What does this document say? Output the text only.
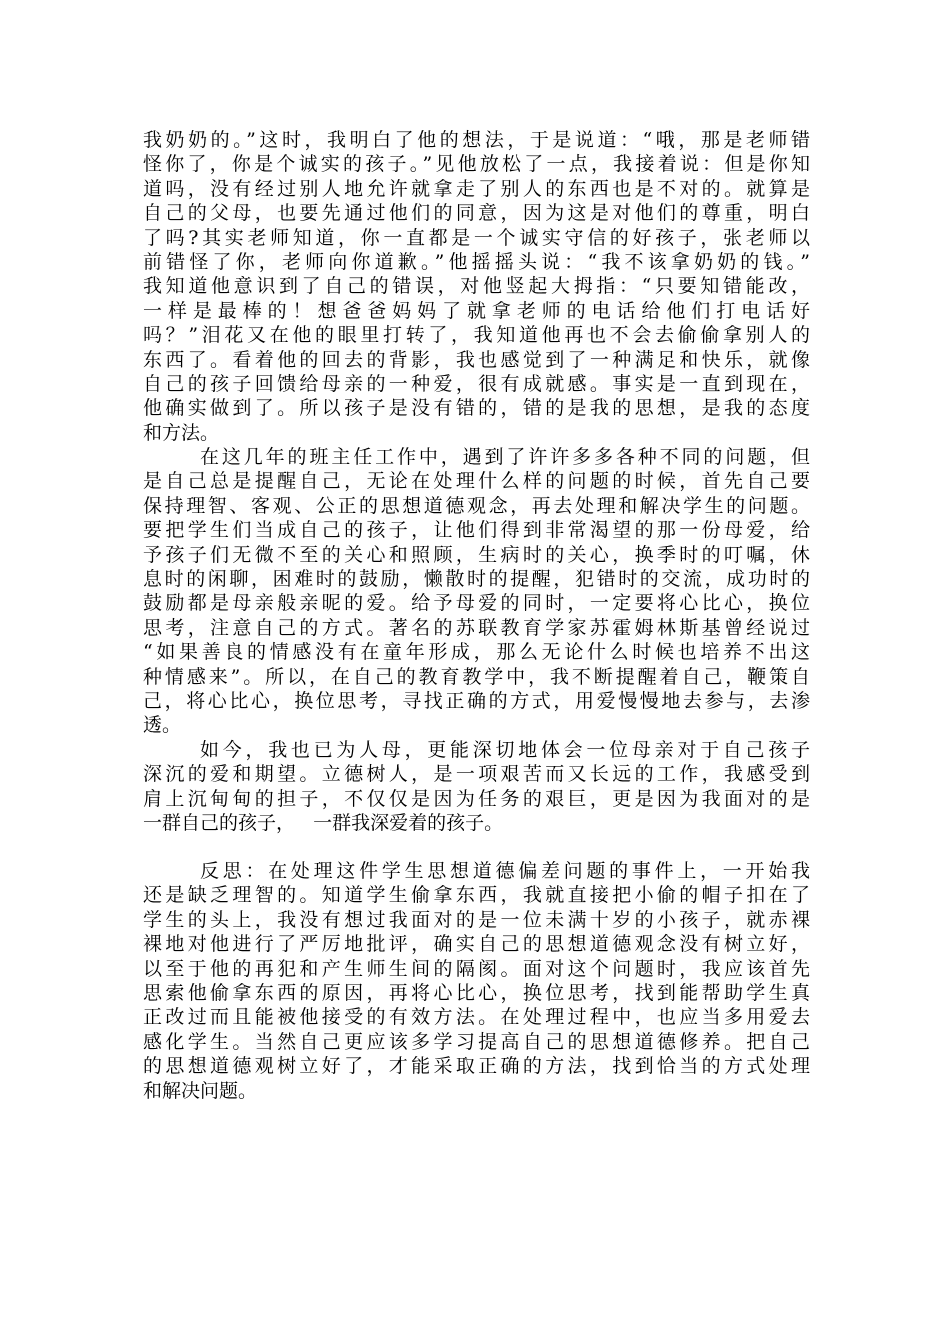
我奶奶的。”这时，我明白了他的想法，于是说道：“哦，那是老师错
怪你了，你是个诚实的孩子。”见他放松了一点，我接着说：但是你知
道吗，没有经过别人地允许就拿走了别人的东西也是不对的。就算是
自己的父母，也要先通过他们的同意，因为这是对他们的尊重，明白
了吗?其实老师知道，你一直都是一个诚实守信的好孩子，张老师以
前错怪了你，老师向你道歉。”他摇摇头说：“我不该拿奶奶的钱。”
我知道他意识到了自己的错误，对他竖起大拇指：“只要知错能改，
一样是最棒的！想爸爸妈妈了就拿老师的电话给他们打电话好
吗？”泪花又在他的眼里打转了，我知道他再也不会去偷偷拿别人的
东西了。看着他的回去的背影，我也感觉到了一种满足和快乐，就像
自己的孩子回馈给母亲的一种爱，很有成就感。事实是一直到现在，
他确实做到了。所以孩子是没有错的，错的是我的思想，是我的态度
和方法。
在这几年的班主任工作中，遇到了许许多多各种不同的问题，但
是自己总是提醒自己，无论在处理什么样的问题的时候，首先自己要
保持理智、客观、公正的思想道德观念，再去处理和解决学生的问题。
要把学生们当成自己的孩子，让他们得到非常渴望的那一份母爱，给
予孩子们无微不至的关心和照顾，生病时的关心，换季时的叮嘱，休
息时的闲聊，困难时的鼓励，懒散时的提醒，犯错时的交流，成功时的
鼓励都是母亲般亲昵的爱。给予母爱的同时，一定要将心比心，换位
思考，注意自己的方式。著名的苏联教育学家苏霍姆林斯基曾经说过
“如果善良的情感没有在童年形成，那么无论什么时候也培养不出这
种情感来”。所以，在自己的教育教学中，我不断提醒着自己，鞭策自
己，将心比心，换位思考，寻找正确的方式，用爱慢慢地去参与，去渗
透。
如今，我也已为人母，更能深切地体会一位母亲对于自己孩子
深沉的爱和期望。立德树人，是一项艰苦而又长远的工作，我感受到
肩上沉甸甸的担子，不仅仅是因为任务的艰巨，更是因为我面对的是
一群自己的孩子，   一群我深爱着的孩子。
反思：在处理这件学生思想道德偏差问题的事件上，一开始我
还是缺乏理智的。知道学生偷拿东西，我就直接把小偷的帽子扣在了
学生的头上，我没有想过我面对的是一位未满十岁的小孩子，就赤裸
裸地对他进行了严厉地批评，确实自己的思想道德观念没有树立好，
以至于他的再犯和产生师生间的隔阂。面对这个问题时，我应该首先
思索他偷拿东西的原因，再将心比心，换位思考，找到能帮助学生真
正改过而且能被他接受的有效方法。在处理过程中，也应当多用爱去
感化学生。当然自己更应该多学习提高自己的思想道德修养。把自己
的思想道德观树立好了，才能采取正确的方法，找到恰当的方式处理
和解决问题。
